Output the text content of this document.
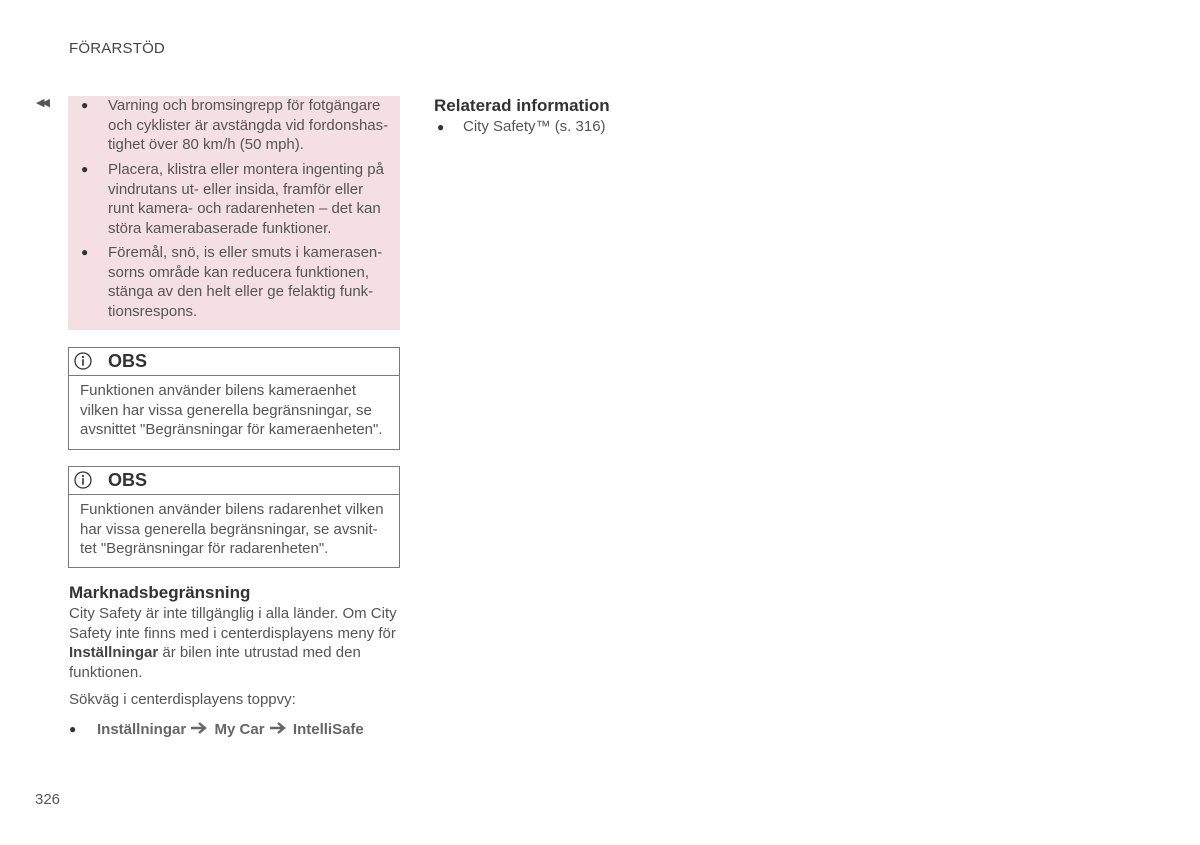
FÖRARSTÖD
◀◀	● Varning och bromsingrepp för fotgängare
och cyklister är avstängda vid fordonshas-
tighet över 80 km/h (50 mph).
● Placera, klistra eller montera ingenting på
vindrutans ut- eller insida, framför eller
runt kamera- och radarenheten – det kan
störa kamerabaserade funktioner.
● Föremål, snö, is eller smuts i kamerasen-
sorns område kan reducera funktionen,
stänga av den helt eller ge felaktig funk-
tionsrespons.
OBS
Funktionen använder bilens kameraenhet
vilken har vissa generella begränsningar, se
avsnittet "Begränsningar för kameraenheten".
OBS
Funktionen använder bilens radarenhet vilken
har vissa generella begränsningar, se avsnit-
tet "Begränsningar för radarenheten".
Marknadsbegränsning
City Safety är inte tillgänglig i alla länder. Om City
Safety inte finns med i centerdisplayens meny för
Inställningar är bilen inte utrustad med den
funktionen.
Sökväg i centerdisplayens toppvy:
● Inställningar My Car IntelliSafe
Relaterad information
● City Safety™ (s. 316)
326
